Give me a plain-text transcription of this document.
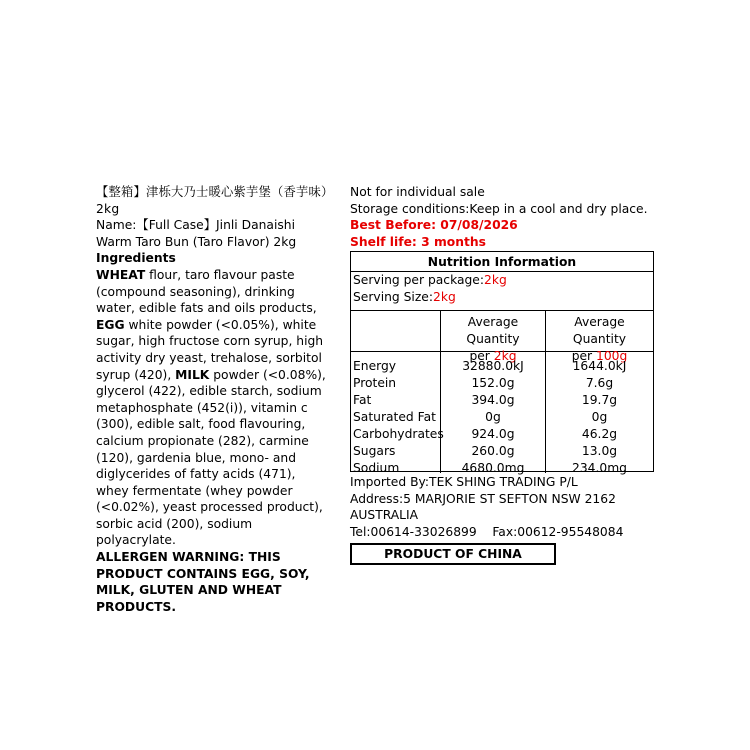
【整箱】津栎大乃士暖心紫芋堡（香芋味）2kg
Name:【Full Case】Jinli Danaishi Warm Taro Bun (Taro Flavor) 2kg
Ingredients
WHEAT flour, taro flavour paste (compound seasoning), drinking water, edible fats and oils products, EGG white powder (<0.05%), white sugar, high fructose corn syrup, high activity dry yeast, trehalose, sorbitol syrup (420), MILK powder (<0.08%), glycerol (422), edible starch, sodium metaphosphate (452(i)), vitamin c (300), edible salt, food flavouring, calcium propionate (282), carmine (120), gardenia blue, mono- and diglycerides of fatty acids (471), whey fermentate (whey powder (<0.02%), yeast processed product), sorbic acid (200), sodium polyacrylate.
ALLERGEN WARNING: THIS PRODUCT CONTAINS EGG, SOY, MILK, GLUTEN AND WHEAT PRODUCTS.
Not for individual sale
Storage conditions:Keep in a cool and dry place.
Best Before: 07/08/2026
Shelf life: 3 months
Nutrition Information
Serving per package:2kg
Serving Size:2kg
Average Quantity
per 2kg
Average Quantity
per 100g
Energy
Protein
Fat
Saturated Fat
Carbohydrates
Sugars
Sodium
32880.0kJ
152.0g
394.0g
0g
924.0g
260.0g
4680.0mg
1644.0kJ
7.6g
19.7g
0g
46.2g
13.0g
234.0mg
Imported By:TEK SHING TRADING P/L
Address:5 MARJORIE ST SEFTON NSW 2162 AUSTRALIA
Tel:00614-33026899 Fax:00612-95548084
PRODUCT OF CHINA
